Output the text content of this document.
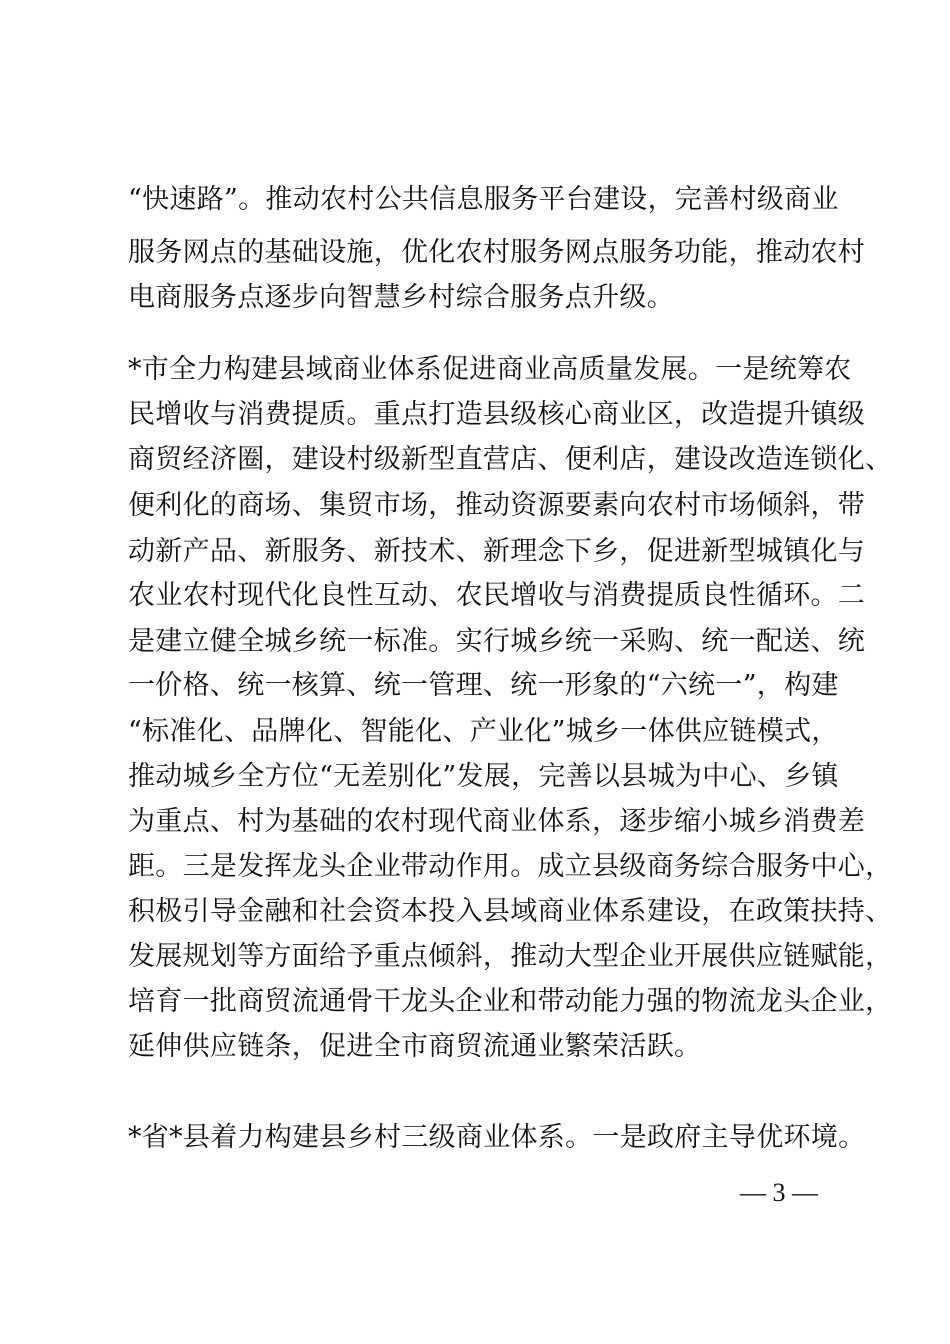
“快速路”。推动农村公共信息服务平台建设，完善村级商业

服务网点的基础设施，优化农村服务网点服务功能，推动农村

电商服务点逐步向智慧乡村综合服务点升级。

*市全力构建县域商业体系促进商业高质量发展。一是统筹农

民增收与消费提质。重点打造县级核心商业区，改造提升镇级

商贸经济圈，建设村级新型直营店、便利店，建设改造连锁化、

便利化的商场、集贸市场，推动资源要素向农村市场倾斜，带

动新产品、新服务、新技术、新理念下乡，促进新型城镇化与

农业农村现代化良性互动、农民增收与消费提质良性循环。二

是建立健全城乡统一标准。实行城乡统一采购、统一配送、统

一价格、统一核算、统一管理、统一形象的“六统一”，构建

“标准化、品牌化、智能化、产业化”城乡一体供应链模式，

推动城乡全方位“无差别化”发展，完善以县城为中心、乡镇

为重点、村为基础的农村现代商业体系，逐步缩小城乡消费差

距。三是发挥龙头企业带动作用。成立县级商务综合服务中心，

积极引导金融和社会资本投入县域商业体系建设，在政策扶持、

发展规划等方面给予重点倾斜，推动大型企业开展供应链赋能，

培育一批商贸流通骨干龙头企业和带动能力强的物流龙头企业，

延伸供应链条，促进全市商贸流通业繁荣活跃。

*省*县着力构建县乡村三级商业体系。一是政府主导优环境。

— 3 —
